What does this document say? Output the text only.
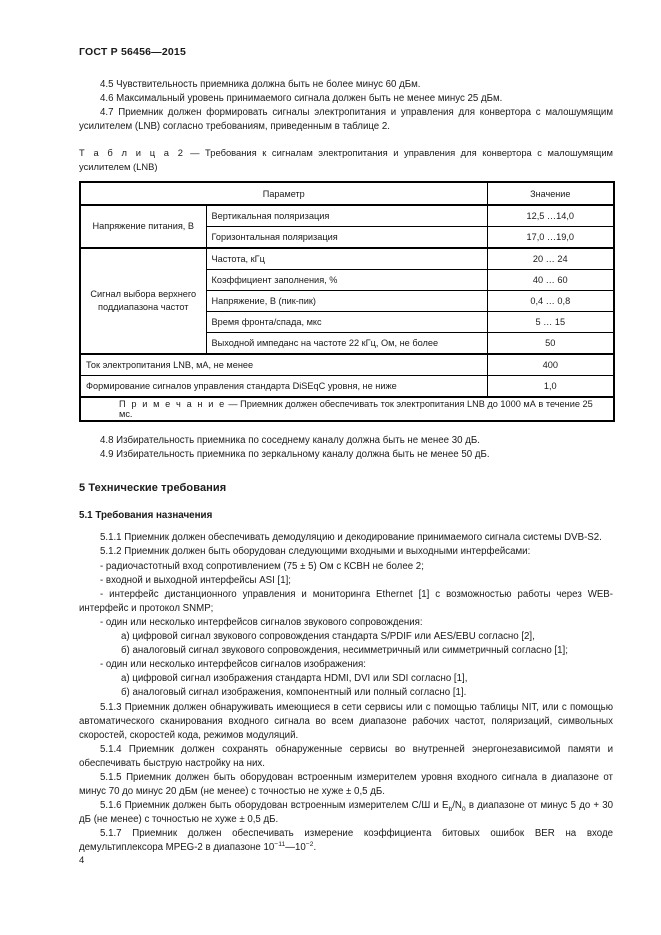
ГОСТ Р 56456—2015

4.5 Чувствительность приемника должна быть не более минус 60 дБм.

4.6 Максимальный уровень принимаемого сигнала должен быть не менее минус 25 дБм.

4.7 Приемник должен формировать сигналы электропитания и управления для конвертора с малошумящим усилителем (LNB) согласно требованиям, приведенным в таблице 2.

Т а б л и ц а 2 — Требования к сигналам электропитания и управления для конвертора с малошумящим усилителем (LNB)

Параметр		Значение
Напряжение питания, В	Вертикальная поляризация	12,5 …14,0
	Горизонтальная поляризация	17,0 …19,0
Сигнал выбора верхнего поддиапазона частот	Частота, кГц	20 … 24
	Коэффициент заполнения, %	40 … 60
	Напряжение, В (пик-пик)	0,4 … 0,8
	Время фронта/спада, мкс	5 … 15
	Выходной импеданс на частоте 22 кГц, Ом, не более	50
Ток электропитания LNB, мА, не менее		400
Формирование сигналов управления стандарта DiSEqC уровня, не ниже		1,0
П р и м е ч а н и е — Приемник должен обеспечивать ток электропитания LNB до 1000 мА в течение 25 мс.		

4.8 Избирательность приемника по соседнему каналу должна быть не менее 30 дБ.

4.9 Избирательность приемника по зеркальному каналу должна быть не менее 50 дБ.

5 Технические требования
5.1 Требования назначения

5.1.1 Приемник должен обеспечивать демодуляцию и декодирование принимаемого сигнала системы DVB-S2.

5.1.2 Приемник должен быть оборудован следующими входными и выходными интерфейсами:

- радиочастотный вход сопротивлением (75 ± 5) Ом с КСВН не более 2;

- входной и выходной интерфейсы ASI [1];

- интерфейс дистанционного управления и мониторинга Ethernet [1] с возможностью работы через WEB-интерфейс и протокол SNMP;

- один или несколько интерфейсов сигналов звукового сопровождения:

а) цифровой сигнал звукового сопровождения стандарта S/PDIF или AES/EBU согласно [2],

б) аналоговый сигнал звукового сопровождения, несимметричный или симметричный согласно [1];

- один или несколько интерфейсов сигналов изображения:

а) цифровой сигнал изображения стандарта HDMI, DVI или SDI согласно [1],

б) аналоговый сигнал изображения, компонентный или полный согласно [1].

5.1.3 Приемник должен обнаруживать имеющиеся в сети сервисы или с помощью таблицы NIT, или с помощью автоматического сканирования входного сигнала во всем диапазоне рабочих частот, поляризаций, символьных скоростей, скоростей кода, режимов модуляций.

5.1.4 Приемник должен сохранять обнаруженные сервисы во внутренней энергонезависимой памяти и обеспечивать быструю настройку на них.

5.1.5 Приемник должен быть оборудован встроенным измерителем уровня входного сигнала в диапазоне от минус 70 до минус 20 дБм (не менее) с точностью не хуже ± 0,5 дБ.

5.1.6 Приемник должен быть оборудован встроенным измерителем С/Ш и $E_b/N_0$ в диапазоне от минус 5 до + 30 дБ (не менее) с точностью не хуже ± 0,5 дБ.

5.1.7 Приемник должен обеспечивать измерение коэффициента битовых ошибок BER на входе демультиплексора MPEG-2 в диапазоне $10^{-11}—10^{-2}$.

4
